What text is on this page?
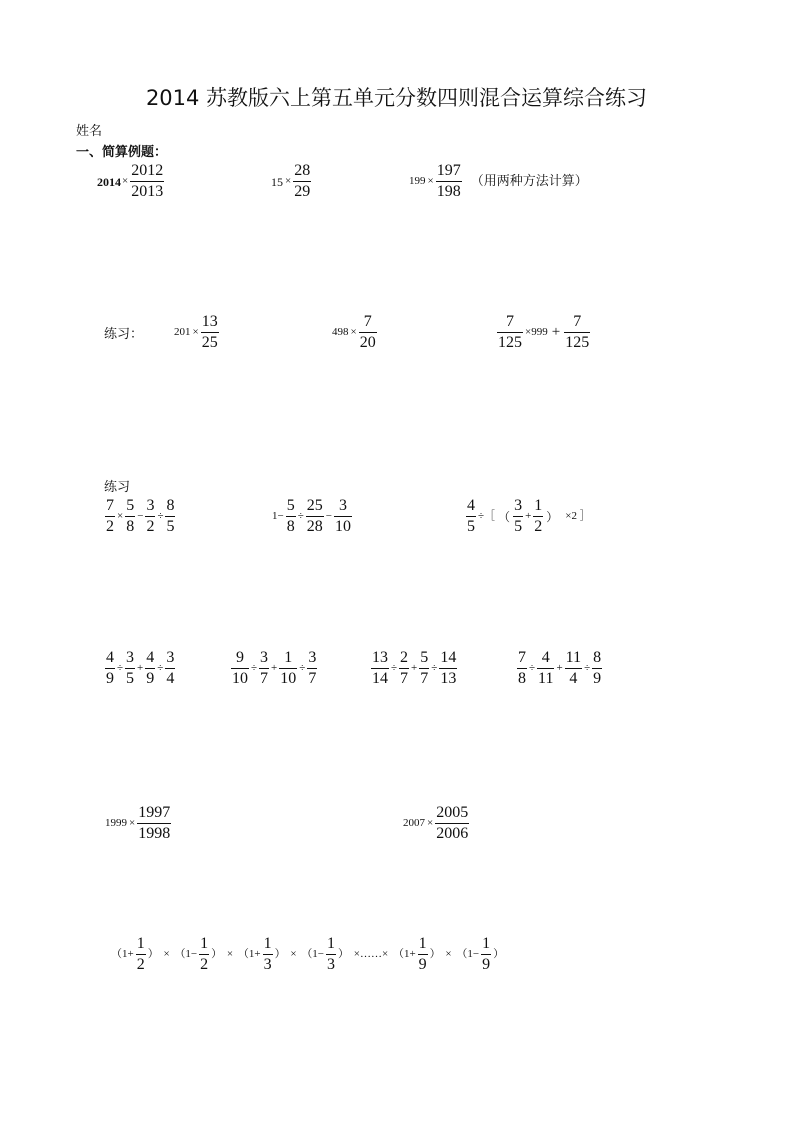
2014 苏教版六上第五单元分数四则混合运算综合练习
姓名
一、简算例题：
$2014 \times \frac{2012}{2013}$	$15 \times \frac{28}{29}$	$199 \times \frac{197}{198}$ （用两种方法计算）
练习：	$201 \times \frac{13}{25}$	$498 \times \frac{7}{20}$	$\frac{7}{125} \times 999 + \frac{7}{125}$
练习
$\frac{7}{2} \times \frac{5}{8} - \frac{3}{2} \div \frac{8}{5}$	$1- \frac{5}{8} \div \frac{25}{28} - \frac{3}{10}$	$\frac{4}{5}$ ÷［ （ $\frac{3}{5} + \frac{1}{2}$ ） ×2 ］
$\frac{4}{9} \div \frac{3}{5} + \frac{4}{9} \div \frac{3}{4}$	$\frac{9}{10} \div \frac{3}{7} + \frac{1}{10} \div \frac{3}{7}$	$\frac{13}{14} \div \frac{2}{7} + \frac{5}{7} \div \frac{14}{13}$	$\frac{7}{8} \div \frac{4}{11} + \frac{11}{4} \div \frac{8}{9}$
$1999 \times \frac{1997}{1998}$	$2007 \times \frac{2005}{2006}$
（$1+ \frac{1}{2}$ ） × （$1- \frac{1}{2}$ ） × （$1+ \frac{1}{3}$ ） × （$1- \frac{1}{3}$ ） ×……× （$1+ \frac{1}{9}$ ） × （$1- \frac{1}{9}$ ）
